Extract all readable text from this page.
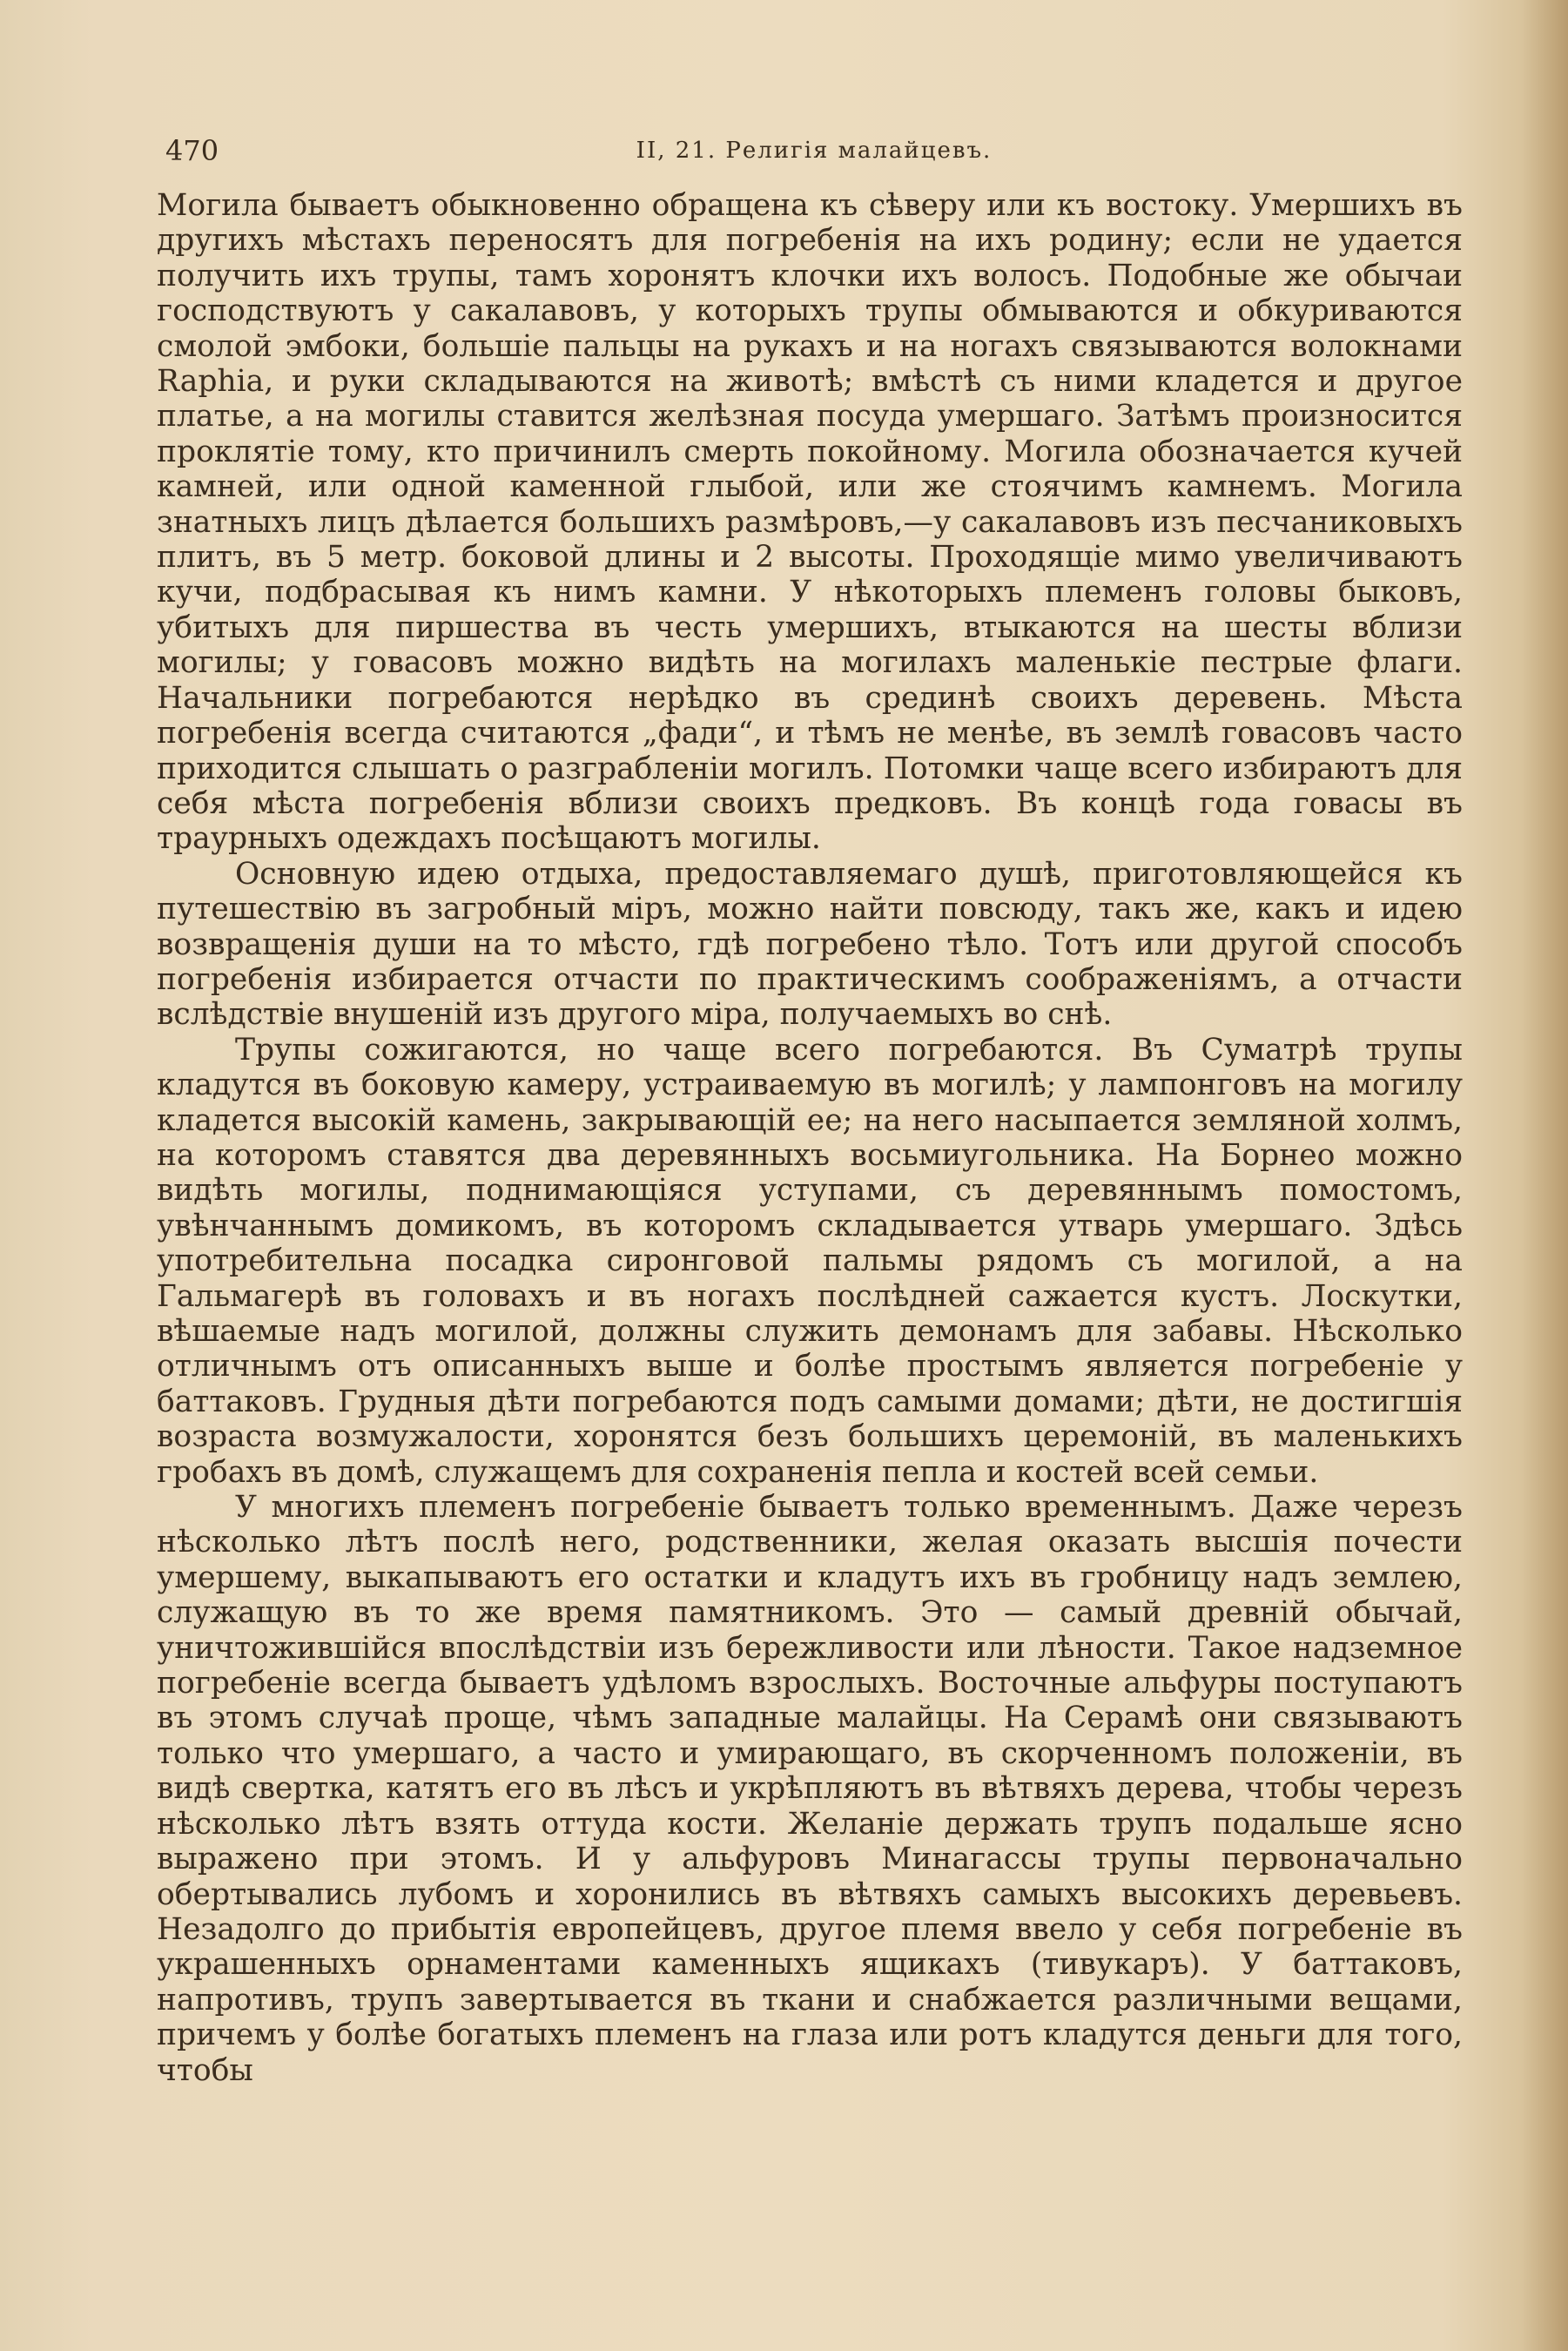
470	II, 21. Религія малайцевъ.

Могила бываетъ обыкновенно обращена къ сѣверу или къ востоку. Умершихъ въ другихъ мѣстахъ переносятъ для погребенія на ихъ родину; если не удается получить ихъ трупы, тамъ хоронятъ клочки ихъ волосъ. Подобные же обычаи господствуютъ у сакалавовъ, у которыхъ трупы обмываются и обкуриваются смолой эмбоки, большіе пальцы на рукахъ и на ногахъ связываются волокнами Raphia, и руки складываются на животѣ; вмѣстѣ съ ними кладется и другое платье, а на могилы ставится желѣзная посуда умершаго. Затѣмъ произносится проклятіе тому, кто причинилъ смерть покойному. Могила обозначается кучей камней, или одной каменной глыбой, или же стоячимъ камнемъ. Могила знатныхъ лицъ дѣлается большихъ размѣровъ,—у сакалавовъ изъ песчаниковыхъ плитъ, въ 5 метр. боковой длины и 2 высоты. Проходящіе мимо увеличиваютъ кучи, подбрасывая къ нимъ камни. У нѣкоторыхъ племенъ головы быковъ, убитыхъ для пиршества въ честь умершихъ, втыкаются на шесты вблизи могилы; у говасовъ можно видѣть на могилахъ маленькіе пестрые флаги. Начальники погребаются нерѣдко въ срединѣ своихъ деревень. Мѣста погребенія всегда считаются „фади“, и тѣмъ не менѣе, въ землѣ говасовъ часто приходится слышать о разграбленіи могилъ. Потомки чаще всего избираютъ для себя мѣста погребенія вблизи своихъ предковъ. Въ концѣ года говасы въ траурныхъ одеждахъ посѣщаютъ могилы.

Основную идею отдыха, предоставляемаго душѣ, приготовляющейся къ путешествію въ загробный міръ, можно найти повсюду, такъ же, какъ и идею возвращенія души на то мѣсто, гдѣ погребено тѣло. Тотъ или другой способъ погребенія избирается отчасти по практическимъ соображеніямъ, а отчасти вслѣдствіе внушеній изъ другого міра, получаемыхъ во снѣ.

Трупы сожигаются, но чаще всего погребаются. Въ Суматрѣ трупы кладутся въ боковую камеру, устраиваемую въ могилѣ; у лампонговъ на могилу кладется высокій камень, закрывающій ее; на него насыпается земляной холмъ, на которомъ ставятся два деревянныхъ восьмиугольника. На Борнео можно видѣть могилы, поднимающіяся уступами, съ деревяннымъ помостомъ, увѣнчаннымъ домикомъ, въ которомъ складывается утварь умершаго. Здѣсь употребительна посадка сиронговой пальмы рядомъ съ могилой, а на Гальмагерѣ въ головахъ и въ ногахъ послѣдней сажается кустъ. Лоскутки, вѣшаемые надъ могилой, должны служить демонамъ для забавы. Нѣсколько отличнымъ отъ описанныхъ выше и болѣе простымъ является погребеніе у баттаковъ. Грудныя дѣти погребаются подъ самыми домами; дѣти, не достигшія возраста возмужалости, хоронятся безъ большихъ церемоній, въ маленькихъ гробахъ въ домѣ, служащемъ для сохраненія пепла и костей всей семьи.

У многихъ племенъ погребеніе бываетъ только временнымъ. Даже черезъ нѣсколько лѣтъ послѣ него, родственники, желая оказать высшія почести умершему, выкапываютъ его остатки и кладутъ ихъ въ гробницу надъ землею, служащую въ то же время памятникомъ. Это — самый древній обычай, уничтожившійся впослѣдствіи изъ бережливости или лѣности. Такое надземное погребеніе всегда бываетъ удѣломъ взрослыхъ. Восточные альфуры поступаютъ въ этомъ случаѣ проще, чѣмъ западные малайцы. На Серамѣ они связываютъ только что умершаго, а часто и умирающаго, въ скорченномъ положеніи, въ видѣ свертка, катятъ его въ лѣсъ и укрѣпляютъ въ вѣтвяхъ дерева, чтобы черезъ нѣсколько лѣтъ взять оттуда кости. Желаніе держать трупъ подальше ясно выражено при этомъ. И у альфуровъ Минагассы трупы первоначально обертывались лубомъ и хоронились въ вѣтвяхъ самыхъ высокихъ деревьевъ. Незадолго до прибытія европейцевъ, другое племя ввело у себя погребеніе въ украшенныхъ орнаментами каменныхъ ящикахъ (тивукаръ). У баттаковъ, напротивъ, трупъ завертывается въ ткани и снабжается различными вещами, причемъ у болѣе богатыхъ племенъ на глаза или ротъ кладутся деньги для того, чтобы
